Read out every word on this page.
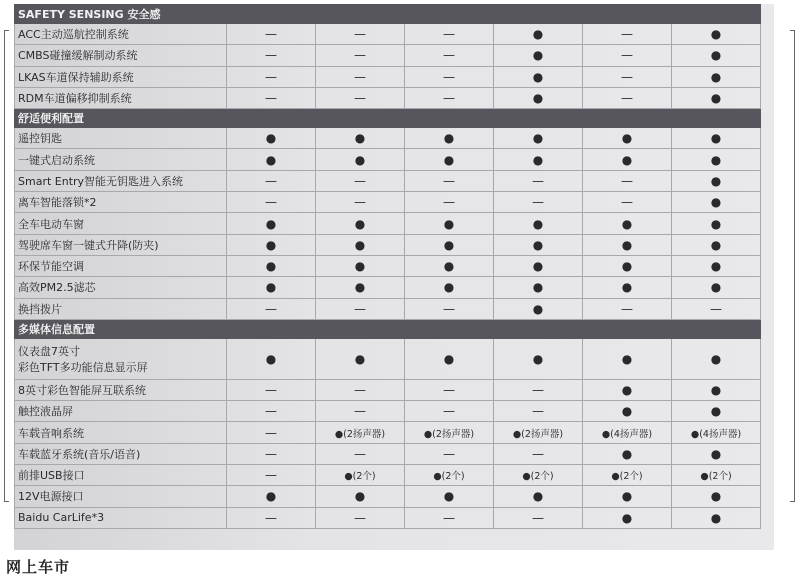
SAFETY SENSING 安全感						
ACC主动巡航控制系统	—	—	—	●	—	●
CMBS碰撞缓解制动系统	—	—	—	●	—	●
LKAS车道保持辅助系统	—	—	—	●	—	●
RDM车道偏移抑制系统	—	—	—	●	—	●
舒适便利配置						
遥控钥匙	●	●	●	●	●	●
一键式启动系统	●	●	●	●	●	●
Smart Entry智能无钥匙进入系统	—	—	—	—	—	●
离车智能落锁*2	—	—	—	—	—	●
全车电动车窗	●	●	●	●	●	●
驾驶席车窗一键式升降(防夹)	●	●	●	●	●	●
环保节能空调	●	●	●	●	●	●
高效PM2.5滤芯	●	●	●	●	●	●
换挡拨片	—	—	—	●	—	—
多媒体信息配置						

仪表盘7英寸
彩色TFT多功能信息显示屏	●	●	●	●	●	●
8英寸彩色智能屏互联系统	—	—	—	—	●	●
触控液晶屏	—	—	—	—	●	●
车载音响系统	—	●(2扬声器)	●(2扬声器)	●(2扬声器)	●(4扬声器)	●(4扬声器)
车载蓝牙系统(音乐/语音)	—	—	—	—	●	●
前排USB接口	—	●(2个)	●(2个)	●(2个)	●(2个)	●(2个)
12V电源接口	●	●	●	●	●	●
Baidu CarLife*3	—	—	—	—	●	●
网上车市
